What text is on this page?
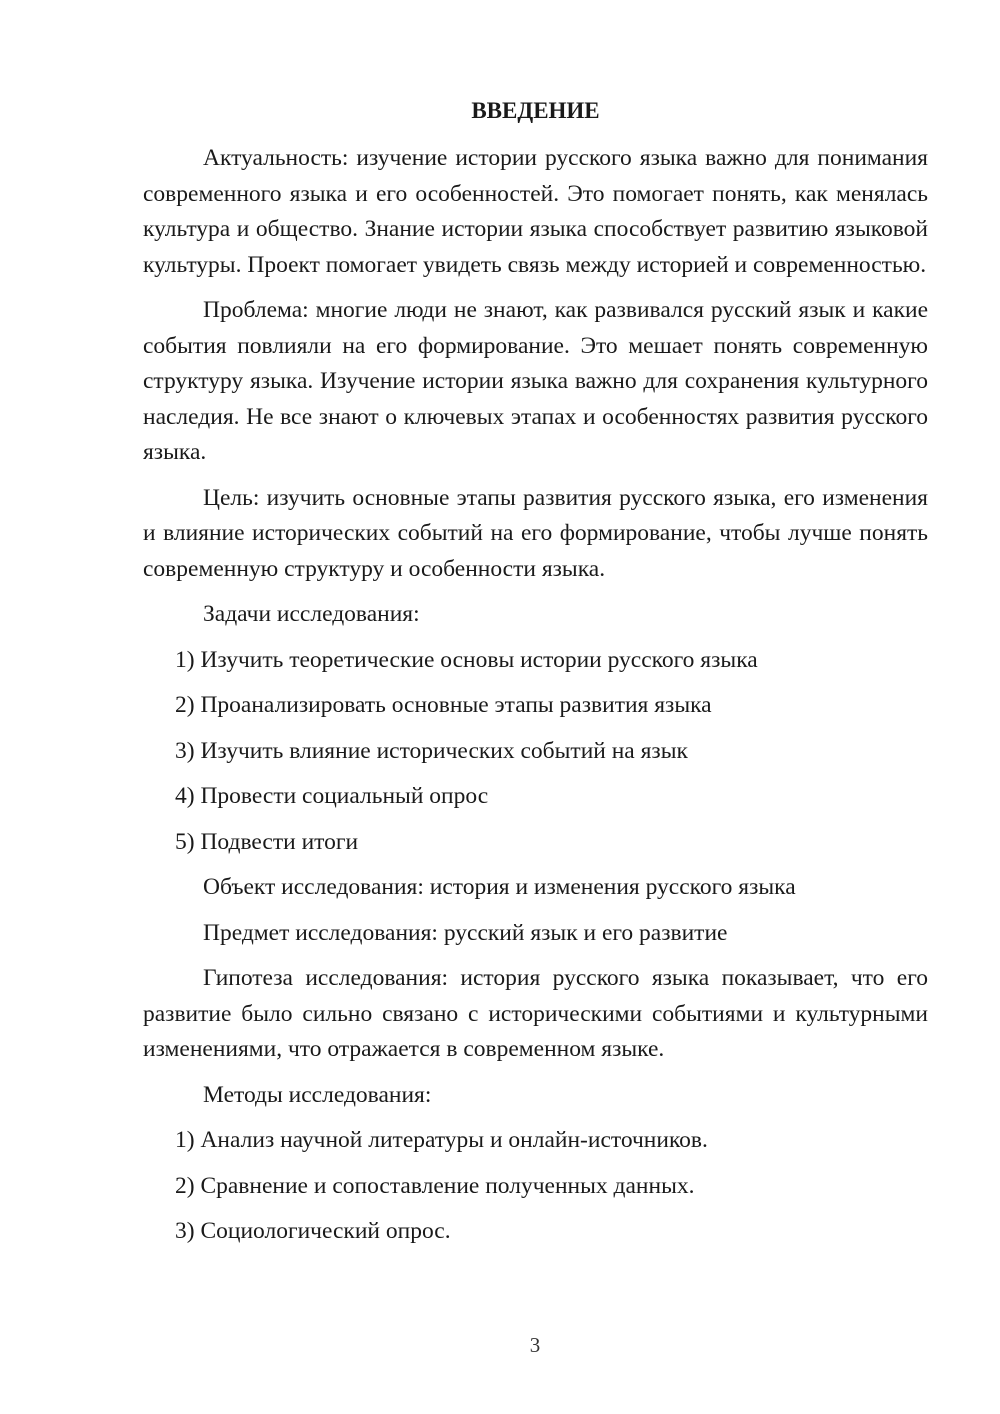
ВВЕДЕНИЕ

Актуальность: изучение истории русского языка важно для понимания современного языка и его особенностей. Это помогает понять, как менялась культура и общество. Знание истории языка способствует развитию языковой культуры. Проект помогает увидеть связь между историей и современностью.

Проблема: многие люди не знают, как развивался русский язык и какие события повлияли на его формирование. Это мешает понять современную структуру языка. Изучение истории языка важно для сохранения культурного наследия. Не все знают о ключевых этапах и особенностях развития русского языка.

Цель: изучить основные этапы развития русского языка, его изменения и влияние исторических событий на его формирование, чтобы лучше понять современную структуру и особенности языка.

Задачи исследования:
1) Изучить теоретические основы истории русского языка
2) Проанализировать основные этапы развития языка
3) Изучить влияние исторических событий на язык
4) Провести социальный опрос
5) Подвести итоги
Объект исследования: история и изменения русского языка
Предмет исследования: русский язык и его развитие

Гипотеза исследования: история русского языка показывает, что его развитие было сильно связано с историческими событиями и культурными изменениями, что отражается в современном языке.

Методы исследования:
1) Анализ научной литературы и онлайн-источников.
2) Сравнение и сопоставление полученных данных.
3) Социологический опрос.
3
